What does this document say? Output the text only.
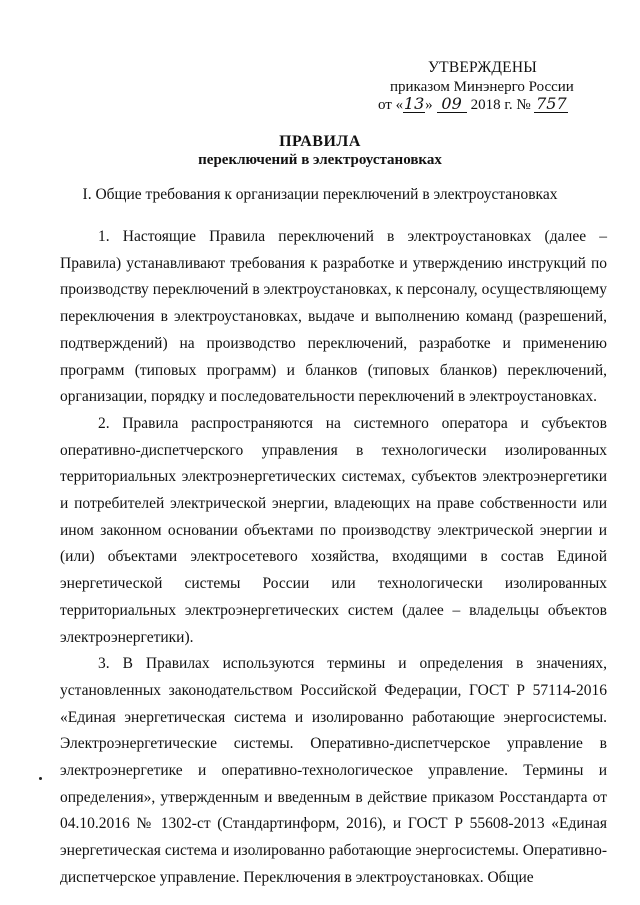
УТВЕРЖДЕНЫ
приказом Минэнерго России
от «13» 09 2018 г. № 757
ПРАВИЛА
переключений в электроустановках
I. Общие требования к организации переключений в электроустановках

1. Настоящие Правила переключений в электроустановках (далее – Правила) устанавливают требования к разработке и утверждению инструкций по производству переключений в электроустановках, к персоналу, осуществляющему переключения в электроустановках, выдаче и выполнению команд (разрешений, подтверждений) на производство переключений, разработке и применению программ (типовых программ) и бланков (типовых бланков) переключений, организации, порядку и последовательности переключений в электроустановках.

2. Правила распространяются на системного оператора и субъектов оперативно-диспетчерского управления в технологически изолированных территориальных электроэнергетических системах, субъектов электроэнергетики и потребителей электрической энергии, владеющих на праве собственности или ином законном основании объектами по производству электрической энергии и (или) объектами электросетевого хозяйства, входящими в состав Единой энергетической системы России или технологически изолированных территориальных электроэнергетических систем (далее – владельцы объектов электроэнергетики).

3. В Правилах используются термины и определения в значениях, установленных законодательством Российской Федерации, ГОСТ Р 57114-2016 «Единая энергетическая система и изолированно работающие энергосистемы. Электроэнергетические системы. Оперативно-диспетчерское управление в электроэнергетике и оперативно-технологическое управление. Термины и определения», утвержденным и введенным в действие приказом Росстандарта от 04.10.2016 № 1302-ст (Стандартинформ, 2016), и ГОСТ Р 55608-2013 «Единая энергетическая система и изолированно работающие энергосистемы. Оперативно-диспетчерское управление. Переключения в электроустановках. Общие
